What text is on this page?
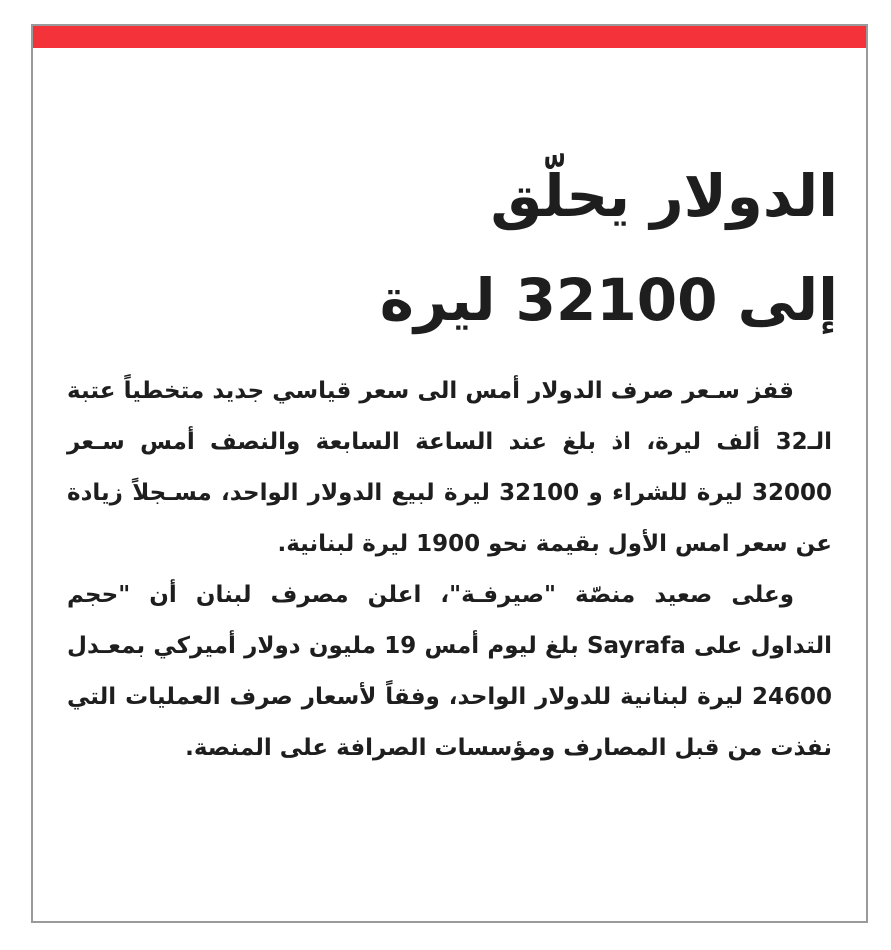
الدولار يحلّق
إلى 32100 ليرة

قفز سـعر صرف الدولار أمس الى سعر قياسي جديد متخطياً عتبة الـ32 ألف ليرة، اذ بلغ عند الساعة السابعة والنصف أمس سـعر 32000 ليرة للشراء و 32100 ليرة لبيع الدولار الواحد، مسـجلاً زيادة عن سعر امس الأول بقيمة نحو 1900 ليرة لبنانية.

وعلى صعيد منصّة "صيرفـة"، اعلن مصرف لبنان أن "حجم التداول على Sayrafa بلغ ليوم أمس 19 مليون دولار أميركي بمعـدل 24600 ليرة لبنانية للدولار الواحد، وفقاً لأسعار صرف العمليات التي نفذت من قبل المصارف ومؤسسات الصرافة على المنصة.
